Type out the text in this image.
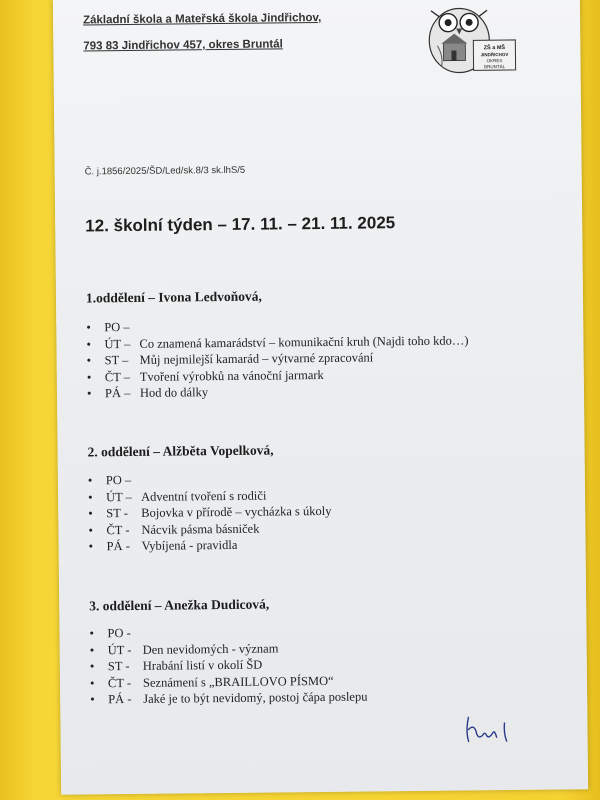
Základní škola a Mateřská škola Jindřichov,
793 83 Jindřichov 457, okres Bruntál	ZŠ a MŠ
JINDŘICHOV
OKRES
BRUNTÁL
Č. j.1856/2025/ŠD/Led/sk.8/3 sk.lhS/5
12. školní týden – 17. 11. – 21. 11. 2025
1.oddělení – Ivona Ledvoňová,
• PO –
• ÚT – Co znamená kamarádství – komunikační kruh (Najdi toho kdo…)
• ST – Můj nejmilejší kamarád – výtvarné zpracování
• ČT – Tvoření výrobků na vánoční jarmark
• PÁ – Hod do dálky
2. oddělení – Alžběta Vopelková,
• PO –
• ÚT – Adventní tvoření s rodiči
• ST - Bojovka v přírodě – vycházka s úkoly
• ČT - Nácvik pásma básniček
• PÁ - Vybíjená - pravidla
3. oddělení – Anežka Dudicová,
• PO -
• ÚT - Den nevidomých - význam
• ST - Hrabání listí v okolí ŠD
• ČT - Seznámení s „BRAILLOVO PÍSMO“
• PÁ - Jaké je to být nevidomý, postoj čápa poslepu
